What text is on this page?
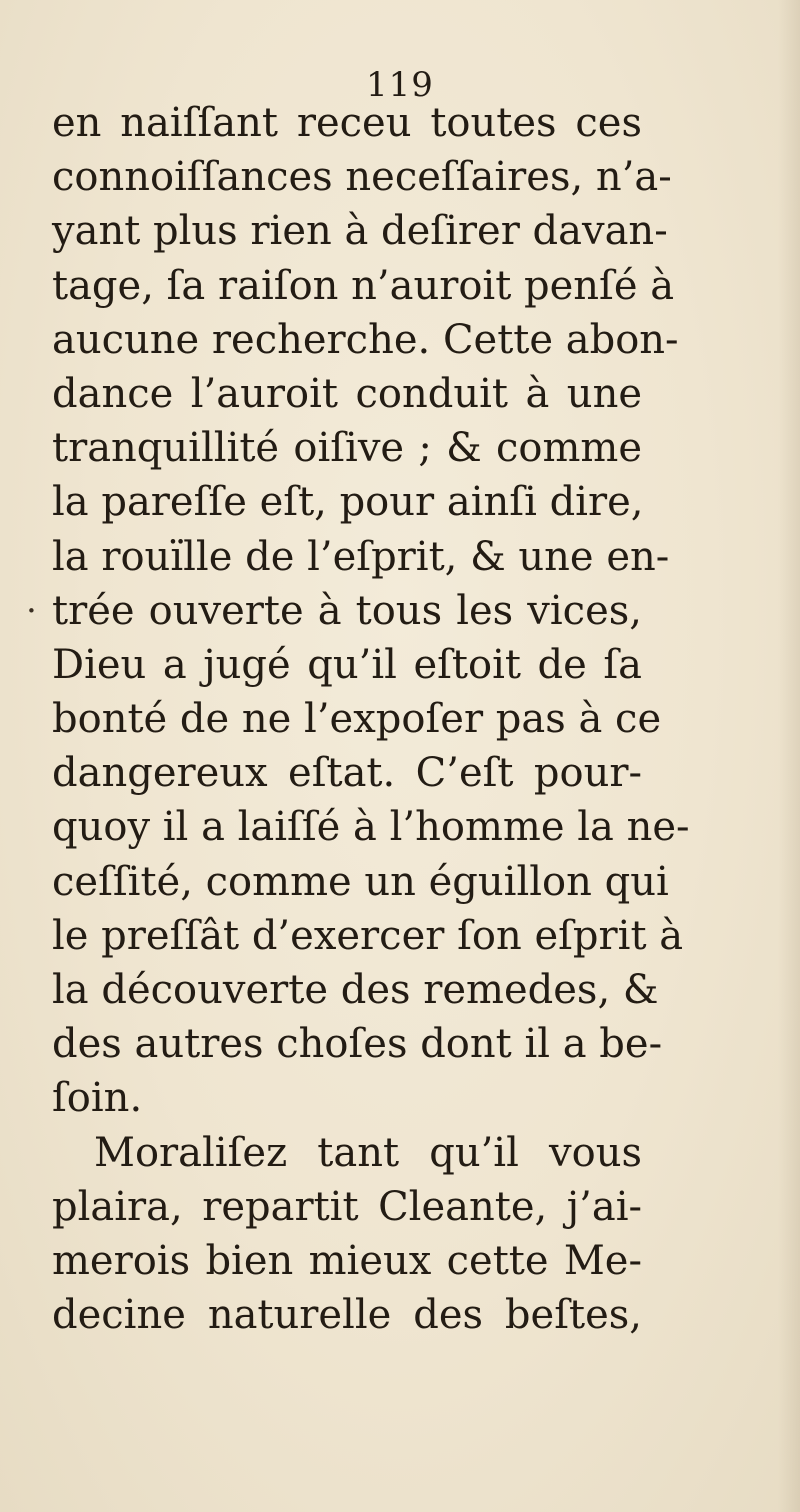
119
.
en naiſſant receu toutes ces
connoiſſances neceſſaires, n’a-
yant plus rien à deſirer davan-
tage, ſa raiſon n’auroit penſé à
aucune recherche. Cette abon-
dance l’auroit conduit à une
tranquillité oiſive ; & comme
la pareſſe eſt, pour ainſi dire,
la rouïlle de l’eſprit, & une en-
trée ouverte à tous les vices,
Dieu a jugé qu’il eſtoit de ſa
bonté de ne l’expoſer pas à ce
dangereux eſtat. C’eſt pour-
quoy il a laiſſé à l’homme la ne-
ceſſité, comme un éguillon qui
le preſſât d’exercer ſon eſprit à
la découverte des remedes, &
des autres choſes dont il a be-
ſoin.
Moraliſez tant qu’il vous
plaira, repartit Cleante, j’ai-
merois bien mieux cette Me-
decine naturelle des beſtes,
